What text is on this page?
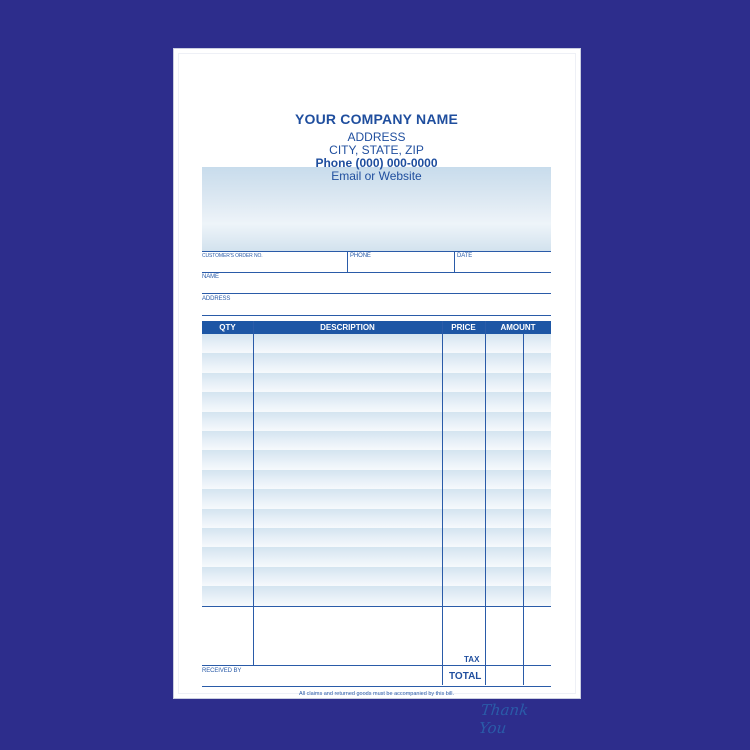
YOUR COMPANY NAME
ADDRESS
CITY, STATE, ZIP
Phone (000) 000-0000
Email or Website
CUSTOMER'S ORDER NO.	PHONE	DATE
NAME
ADDRESS
QTY	DESCRIPTION	PRICE	AMOUNT
RECEIVED BY
TAX
TOTAL
All claims and returned goods must be accompanied by this bill.
Thank You
